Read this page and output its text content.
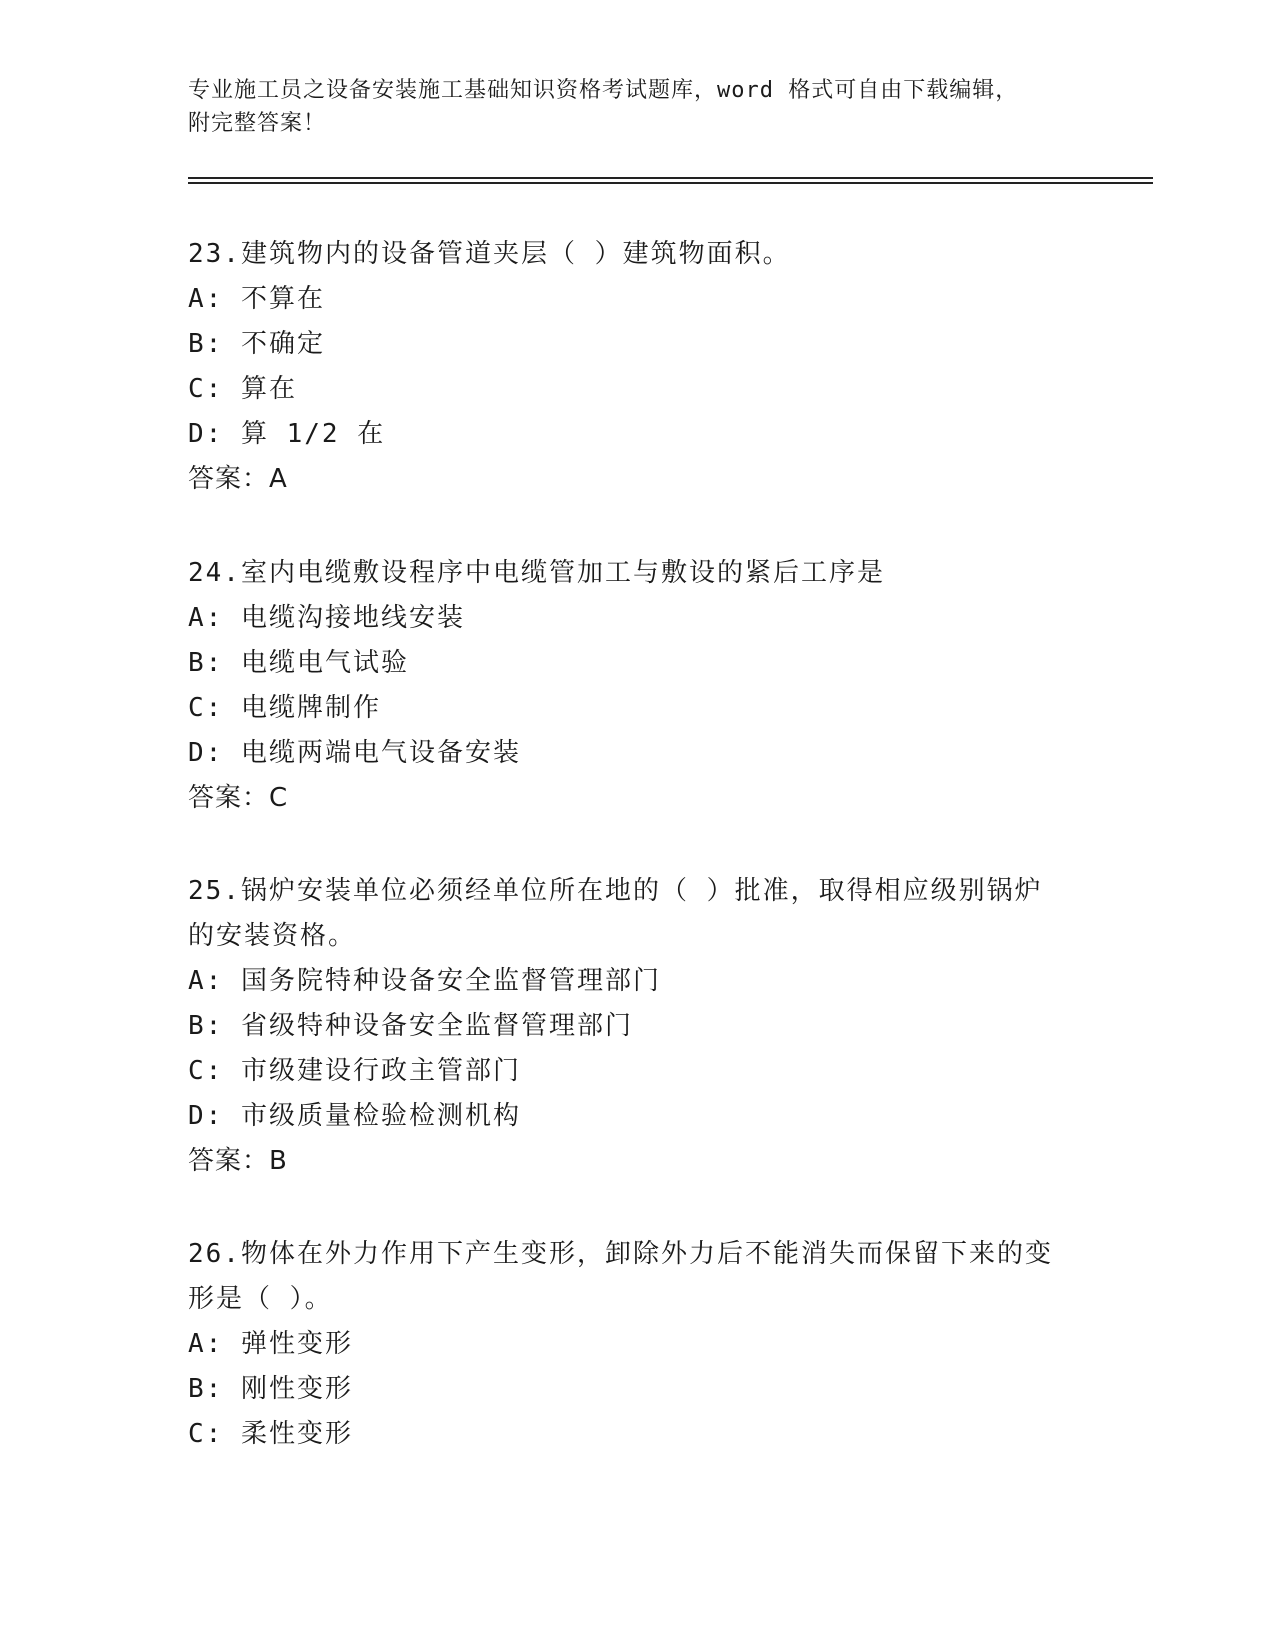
专业施工员之设备安装施工基础知识资格考试题库，word 格式可自由下载编辑，
附完整答案！

23.建筑物内的设备管道夹层（ ）建筑物面积。

A: 不算在

B: 不确定

C: 算在

D: 算 1/2 在

答案：A

24.室内电缆敷设程序中电缆管加工与敷设的紧后工序是

A: 电缆沟接地线安装

B: 电缆电气试验

C: 电缆牌制作

D: 电缆两端电气设备安装

答案：C

25.锅炉安装单位必须经单位所在地的（ ）批准，取得相应级别锅炉

的安装资格。

A: 国务院特种设备安全监督管理部门

B: 省级特种设备安全监督管理部门

C: 市级建设行政主管部门

D: 市级质量检验检测机构

答案：B

26.物体在外力作用下产生变形，卸除外力后不能消失而保留下来的变

形是（ ）。

A: 弹性变形

B: 刚性变形

C: 柔性变形
